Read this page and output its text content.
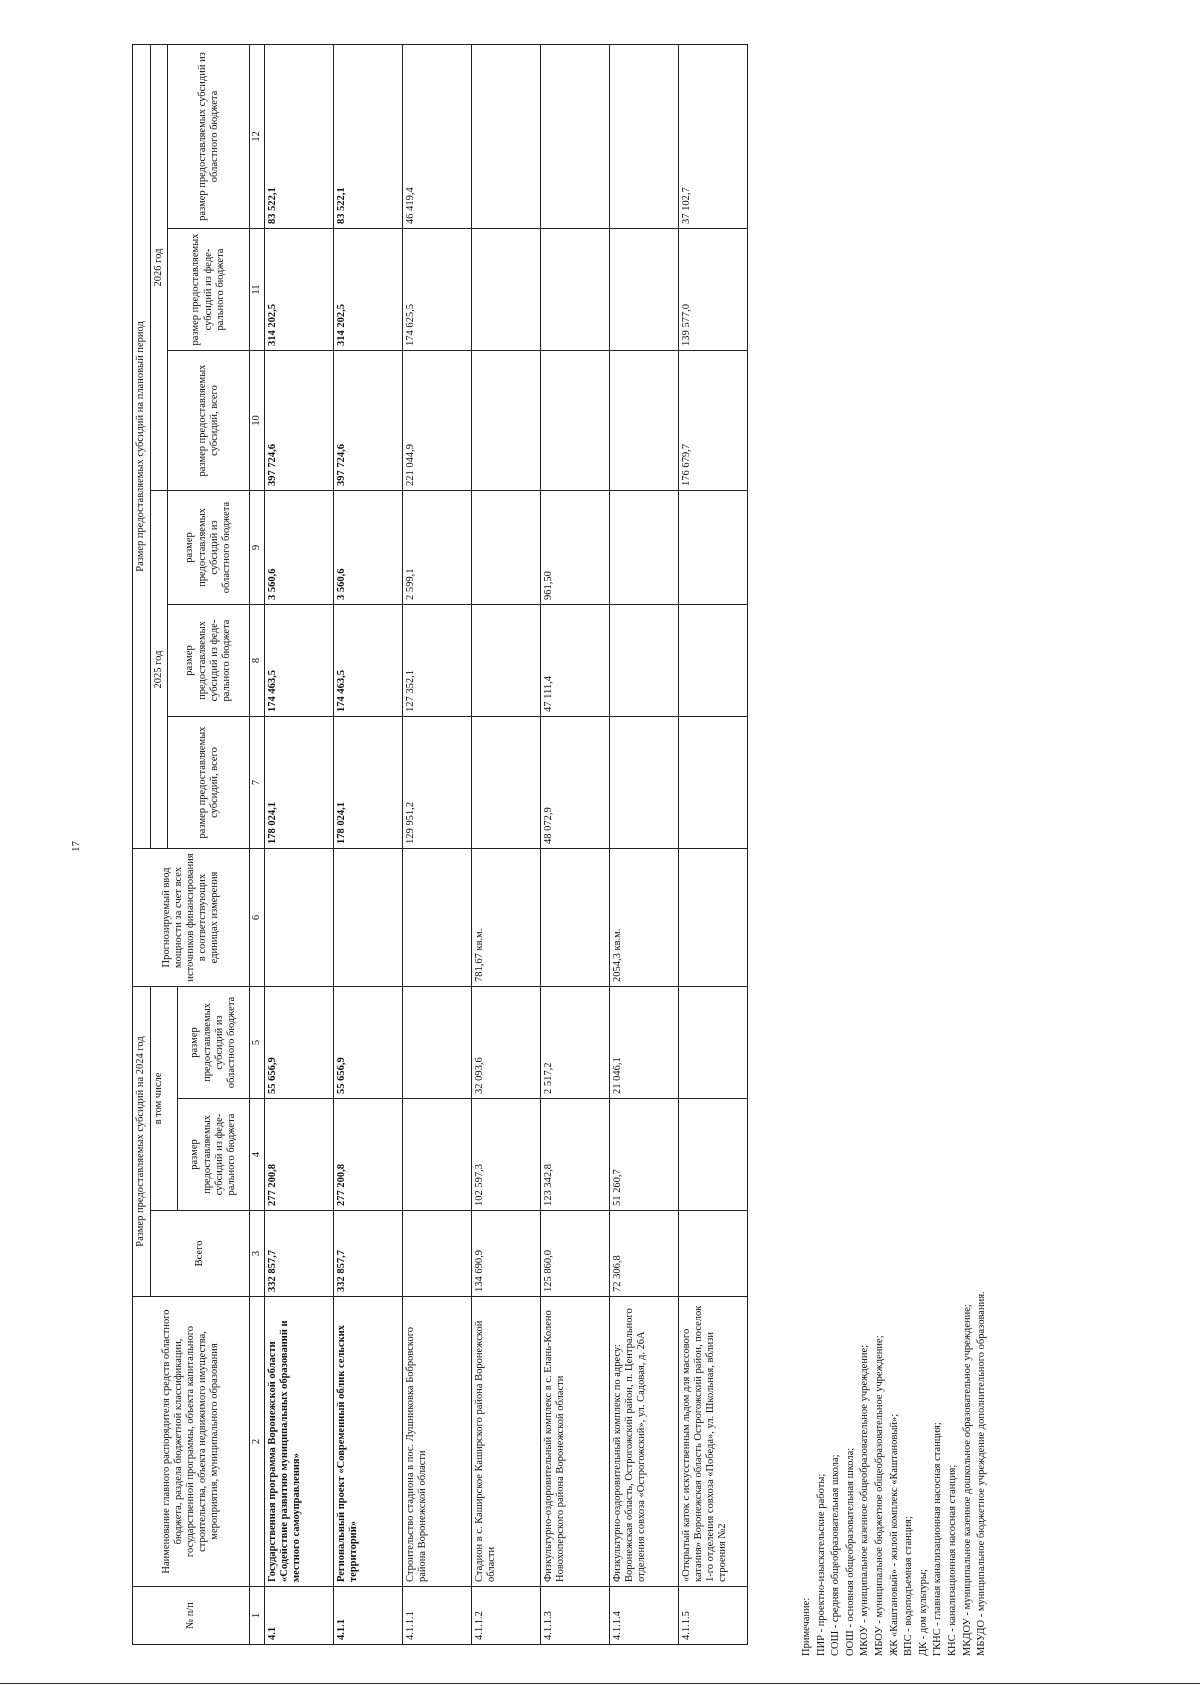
17
№ п/п	Наименование главного распорядителя средств областного бюджета, раздела бюджетной классификации, государственной программы, объекта капитального строительства, объекта недвижимого имущества, мероприятия, муниципального образования	Размер предоставляемых субсидий на 2024 год			Прогнозируемый ввод мощности за счет всех источников финансирования в соответствующих единицах измерения	Размер предоставляемых субсидий на плановый период					
		Всего	в том числе			2025 год			2026 год		
						размер предоставляемых субсидий, всего	размер предоставляемых субсидий из феде-рального бюджета	размер предоставляемых субсидий из областного бюджета	размер предоставляемых субсидий, всего	размер предоставляемых субсидий из феде-рального бюджета	размер предоставляемых субсидий из областного бюджета
			размер предоставляемых субсидий из феде-рального бюджета	размер предоставляемых субсидий из областного бюджета							
1	2	3	4	5	6	7	8	9	10	11	12
4.1	Государственная программа Воронежской области «Содействие развитию муниципальных образований и местного самоуправления»	332 857,7	277 200,8	55 656,9		178 024,1	174 463,5	3 560,6	397 724,6	314 202,5	83 522,1
4.1.1	Региональный проект «Современный облик сельских территорий»	332 857,7	277 200,8	55 656,9		178 024,1	174 463,5	3 560,6	397 724,6	314 202,5	83 522,1
4.1.1.1	Строительство стадиона в пос. Лушниковка Бобровского района Воронежской области					129 951,2	127 352,1	2 599,1	221 044,9	174 625,5	46 419,4
4.1.1.2	Стадион в с. Каширское Каширского района Воронежской области	134 690,9	102 597,3	32 093,6	781,67 кв.м.						
4.1.1.3	Физкультурно-оздоровительный комплекс в с. Елань-Колено Новохоперского района Воронежской области	125 860,0	123 342,8	2 517,2		48 072,9	47 111,4	961,50			
4.1.1.4	Физкультурно-оздоровительный комплекс по адресу: Воронежская область, Острогожский район, п. Центрального отделения совхоза «Острогожский», ул. Садовая, д. 26А	72 306,8	51 260,7	21 046,1	2054,3 кв.м.						
4.1.1.5	«Открытый каток с искусственным льдом для массового катания» Воронежская область Острогожский район, поселок 1-го отделения совхоза «Победа», ул. Школьная, вблизи строения №2								176 679,7	139 577,0	37 102,7
Примечание: ПИР - проектно-изыскательские работы; СОШ - средняя общеобразовательная школа; ООШ - основная общеобразовательная школа; МКОУ - муниципальное казенное общеобразовательное учреждение; МБОУ - муниципальное бюджетное общеобразовательное учреждение; ЖК «Каштановый» - жилой комплекс «Каштановый»; ВПС - водоподъемная станция; ДК - дом культуры; ГКНС - главная канализационная насосная станция; КНС - канализационная насосная станция; МКДОУ - муниципальное казенное дошкольное образовательное учреждение; МБУДО - муниципальное бюджетное учреждение дополнительного образования.
